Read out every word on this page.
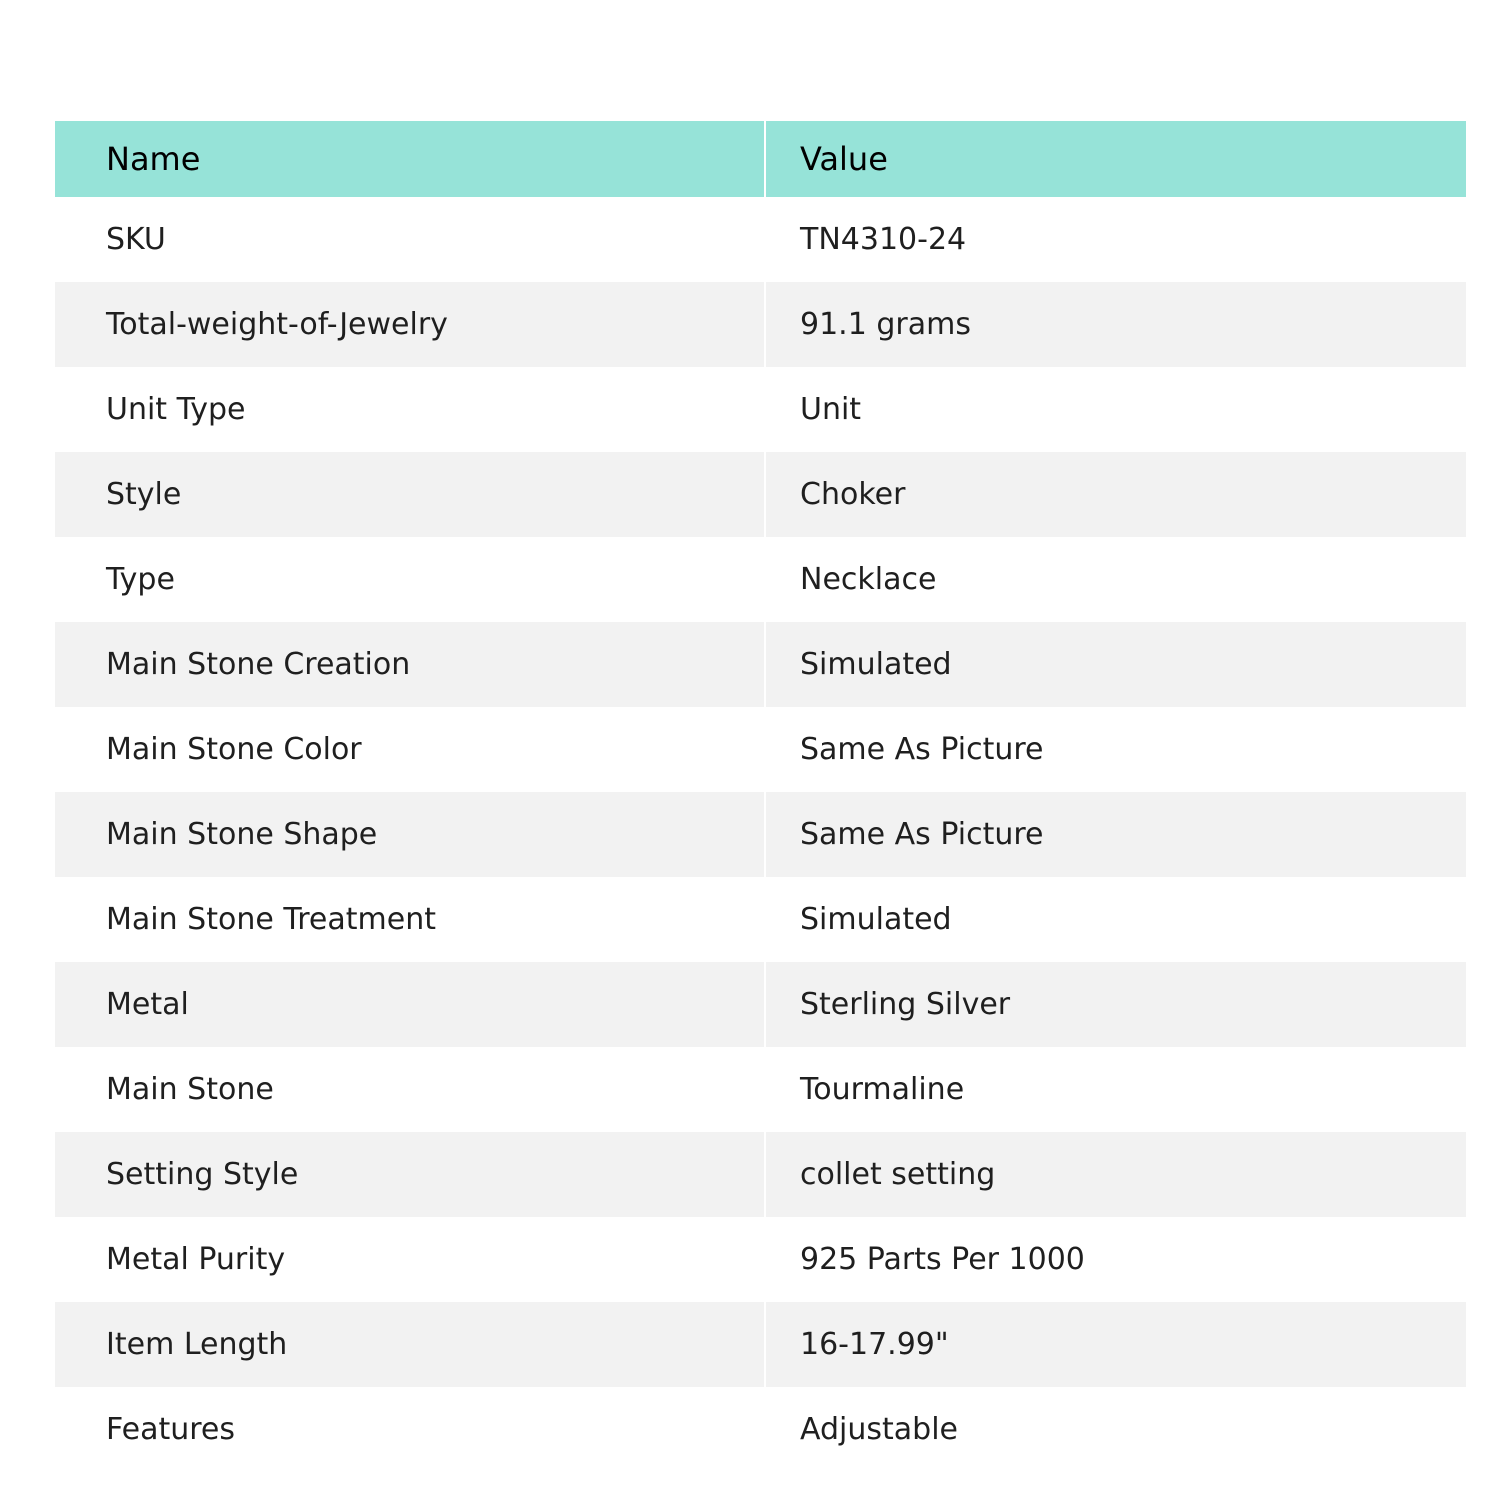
Name	Value
SKU	TN4310-24
Total-weight-of-Jewelry	91.1 grams
Unit Type	Unit
Style	Choker
Type	Necklace
Main Stone Creation	Simulated
Main Stone Color	Same As Picture
Main Stone Shape	Same As Picture
Main Stone Treatment	Simulated
Metal	Sterling Silver
Main Stone	Tourmaline
Setting Style	collet setting
Metal Purity	925 Parts Per 1000
Item Length	16-17.99"
Features	Adjustable
